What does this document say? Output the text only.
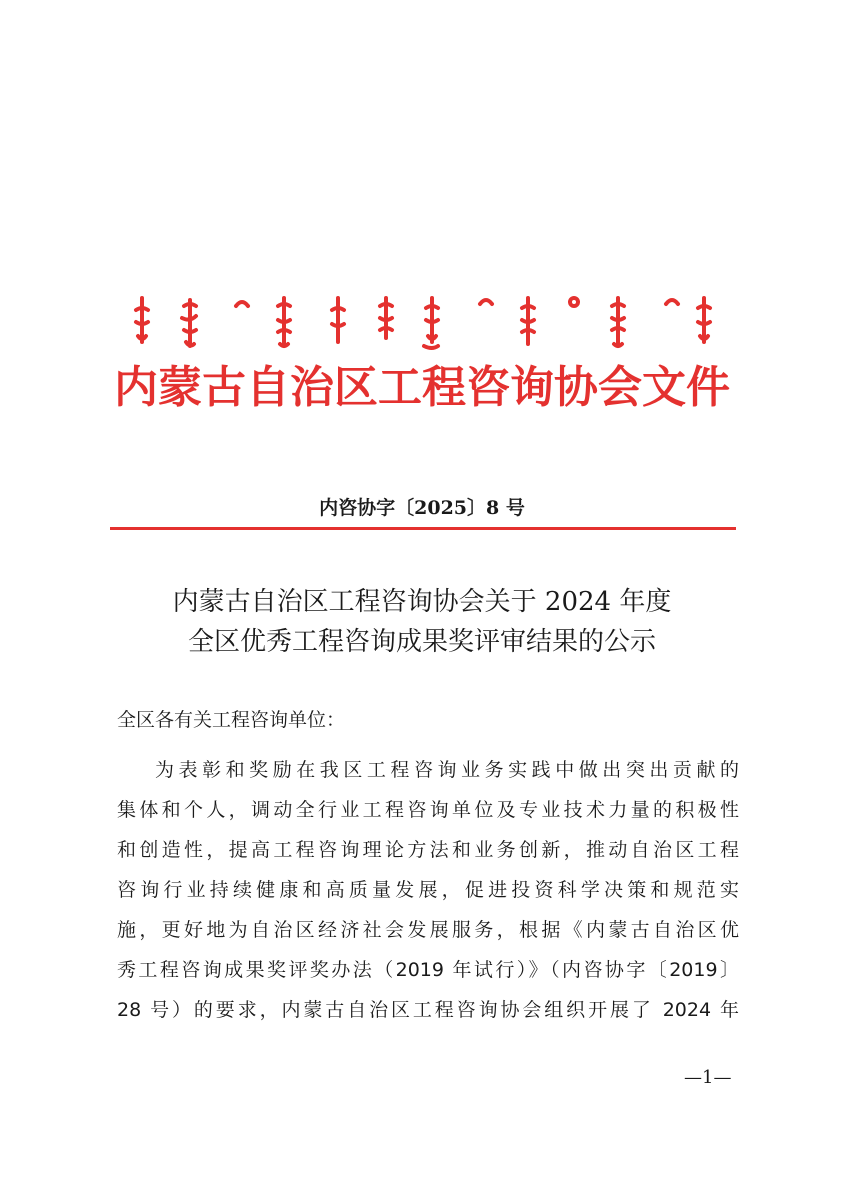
内蒙古自治区工程咨询协会文件
内咨协字〔2025〕8 号
内蒙古自治区工程咨询协会关于 2024 年度
全区优秀工程咨询成果奖评审结果的公示
全区各有关工程咨询单位：
为表彰和奖励在我区工程咨询业务实践中做出突出贡献的
集体和个人，调动全行业工程咨询单位及专业技术力量的积极性
和创造性，提高工程咨询理论方法和业务创新，推动自治区工程
咨询行业持续健康和高质量发展，促进投资科学决策和规范实
施，更好地为自治区经济社会发展服务，根据《内蒙古自治区优
秀工程咨询成果奖评奖办法（2019 年试行）》（内咨协字〔2019〕
28 号）的要求，内蒙古自治区工程咨询协会组织开展了 2024 年
—1—
